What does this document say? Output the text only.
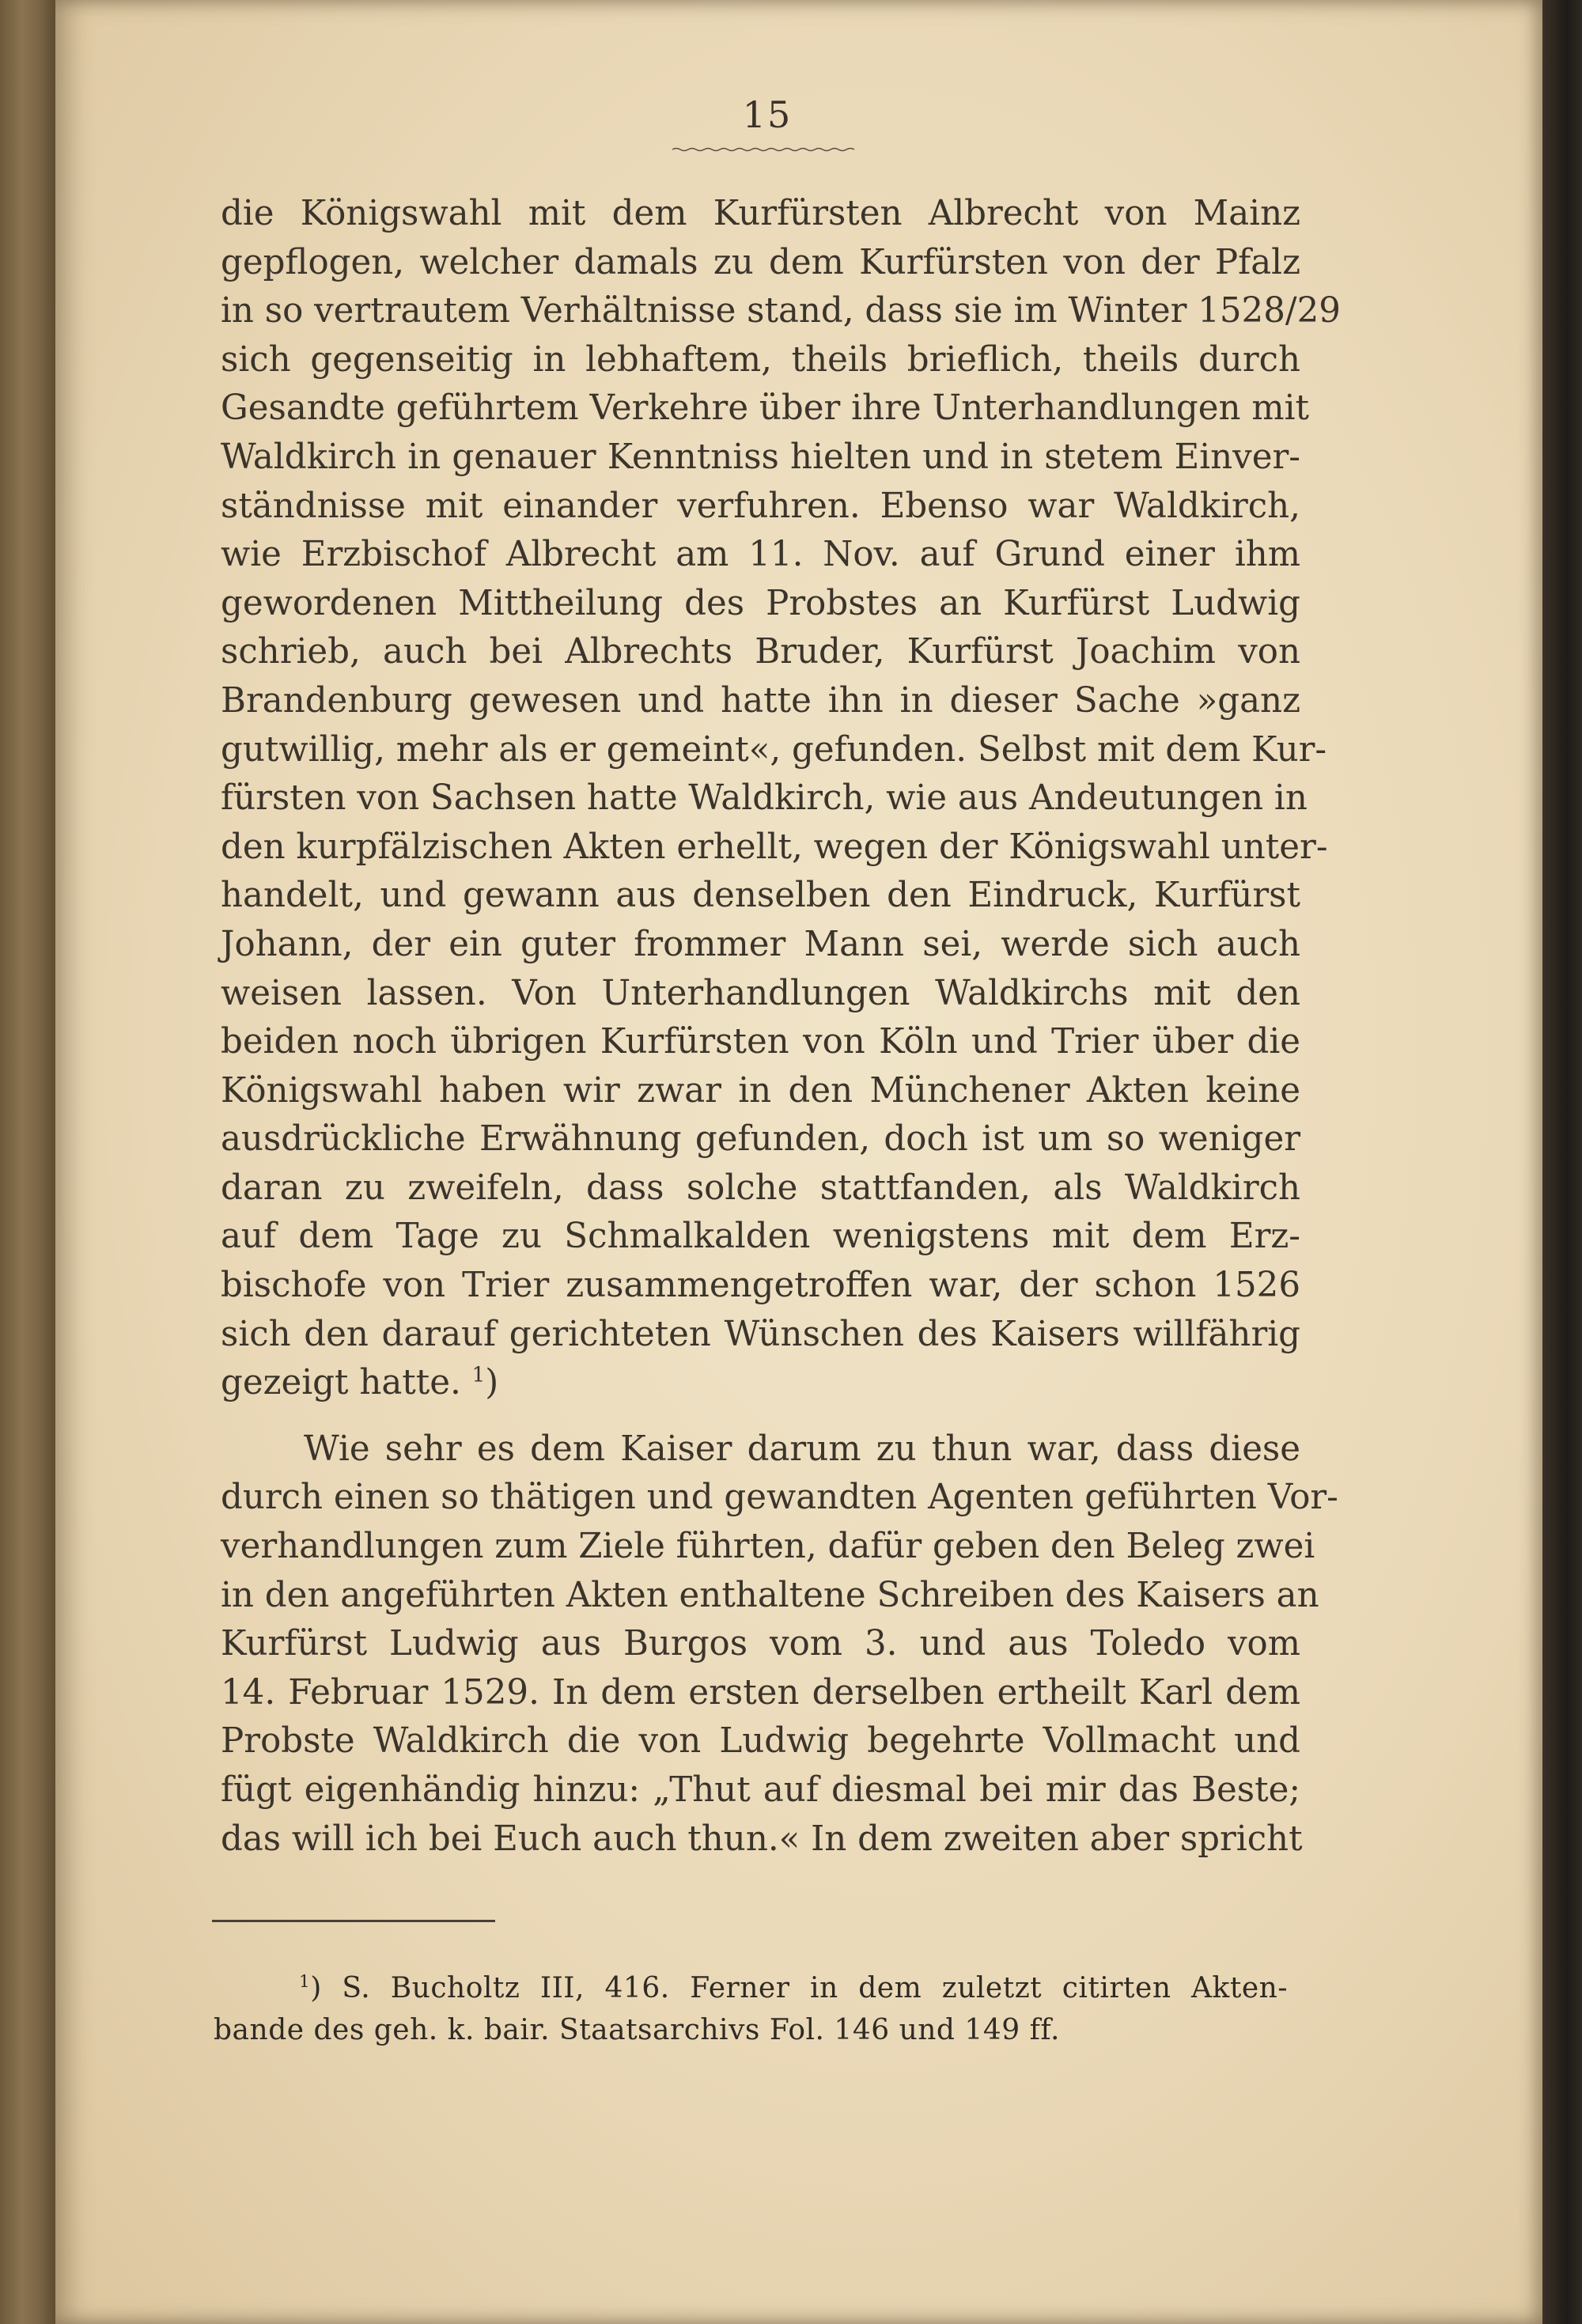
15
die Königswahl mit dem Kurfürsten Albrecht von Mainz
gepflogen, welcher damals zu dem Kurfürsten von der Pfalz
in so vertrautem Verhältnisse stand, dass sie im Winter 1528/29
sich gegenseitig in lebhaftem, theils brieflich, theils durch
Gesandte geführtem Verkehre über ihre Unterhandlungen mit
Waldkirch in genauer Kenntniss hielten und in stetem Einver-
ständnisse mit einander verfuhren. Ebenso war Waldkirch,
wie Erzbischof Albrecht am 11. Nov. auf Grund einer ihm
gewordenen Mittheilung des Probstes an Kurfürst Ludwig
schrieb, auch bei Albrechts Bruder, Kurfürst Joachim von
Brandenburg gewesen und hatte ihn in dieser Sache »ganz
gutwillig, mehr als er gemeint«, gefunden. Selbst mit dem Kur-
fürsten von Sachsen hatte Waldkirch, wie aus Andeutungen in
den kurpfälzischen Akten erhellt, wegen der Königswahl unter-
handelt, und gewann aus denselben den Eindruck, Kurfürst
Johann, der ein guter frommer Mann sei, werde sich auch
weisen lassen. Von Unterhandlungen Waldkirchs mit den
beiden noch übrigen Kurfürsten von Köln und Trier über die
Königswahl haben wir zwar in den Münchener Akten keine
ausdrückliche Erwähnung gefunden, doch ist um so weniger
daran zu zweifeln, dass solche stattfanden, als Waldkirch
auf dem Tage zu Schmalkalden wenigstens mit dem Erz-
bischofe von Trier zusammengetroffen war, der schon 1526
sich den darauf gerichteten Wünschen des Kaisers willfährig
gezeigt hatte. $^1$)
Wie sehr es dem Kaiser darum zu thun war, dass diese
durch einen so thätigen und gewandten Agenten geführten Vor-
verhandlungen zum Ziele führten, dafür geben den Beleg zwei
in den angeführten Akten enthaltene Schreiben des Kaisers an
Kurfürst Ludwig aus Burgos vom 3. und aus Toledo vom
14. Februar 1529. In dem ersten derselben ertheilt Karl dem
Probste Waldkirch die von Ludwig begehrte Vollmacht und
fügt eigenhändig hinzu: „Thut auf diesmal bei mir das Beste;
das will ich bei Euch auch thun.« In dem zweiten aber spricht
$^1$) S. Bucholtz III, 416. Ferner in dem zuletzt citirten Akten-
bande des geh. k. bair. Staatsarchivs Fol. 146 und 149 ff.
